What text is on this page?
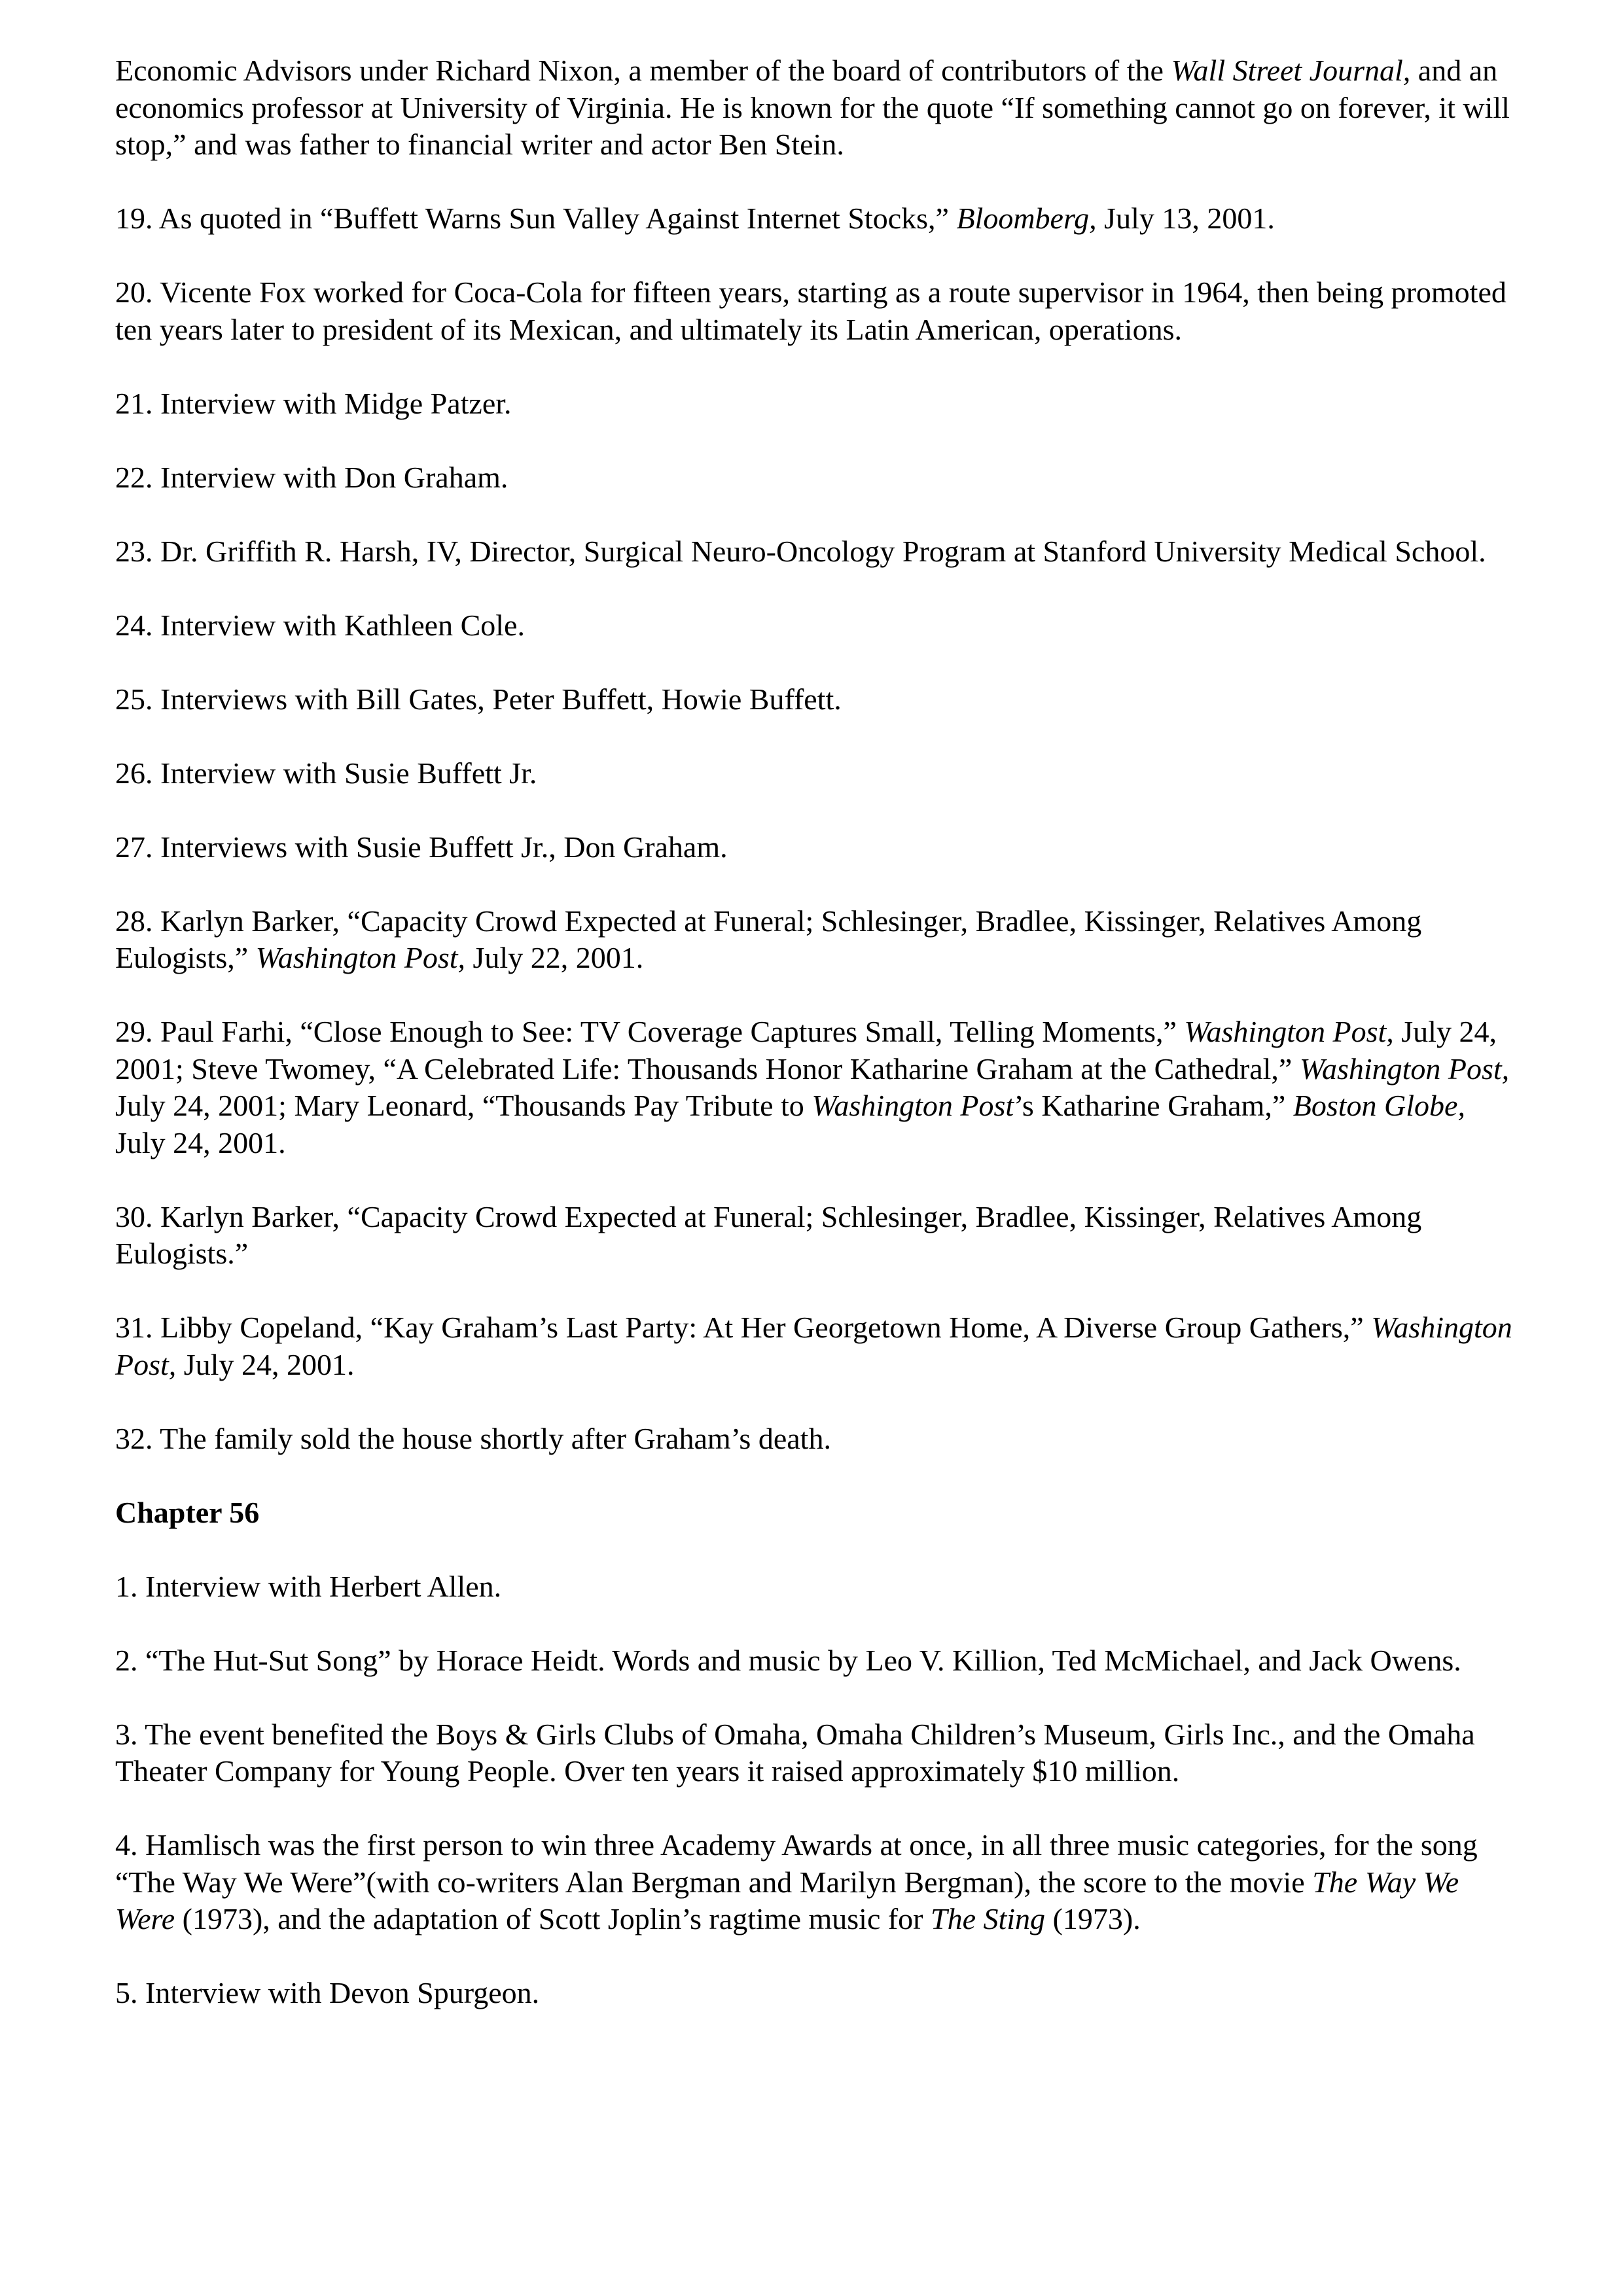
Economic Advisors under Richard Nixon, a member of the board of contributors of the Wall Street Journal, and an economics professor at University of Virginia. He is known for the quote “If something cannot go on forever, it will stop,” and was father to financial writer and actor Ben Stein.
19. As quoted in “Buffett Warns Sun Valley Against Internet Stocks,” Bloomberg, July 13, 2001.
20. Vicente Fox worked for Coca-Cola for fifteen years, starting as a route supervisor in 1964, then being promoted ten years later to president of its Mexican, and ultimately its Latin American, operations.
21. Interview with Midge Patzer.
22. Interview with Don Graham.
23. Dr. Griffith R. Harsh, IV, Director, Surgical Neuro-Oncology Program at Stanford University Medical School.
24. Interview with Kathleen Cole.
25. Interviews with Bill Gates, Peter Buffett, Howie Buffett.
26. Interview with Susie Buffett Jr.
27. Interviews with Susie Buffett Jr., Don Graham.
28. Karlyn Barker, “Capacity Crowd Expected at Funeral; Schlesinger, Bradlee, Kissinger, Relatives Among Eulogists,” Washington Post, July 22, 2001.
29. Paul Farhi, “Close Enough to See: TV Coverage Captures Small, Telling Moments,” Washington Post, July 24, 2001; Steve Twomey, “A Celebrated Life: Thousands Honor Katharine Graham at the Cathedral,” Washington Post, July 24, 2001; Mary Leonard, “Thousands Pay Tribute to Washington Post’s Katharine Graham,” Boston Globe, July 24, 2001.
30. Karlyn Barker, “Capacity Crowd Expected at Funeral; Schlesinger, Bradlee, Kissinger, Relatives Among Eulogists.”
31. Libby Copeland, “Kay Graham’s Last Party: At Her Georgetown Home, A Diverse Group Gathers,” Washington Post, July 24, 2001.
32. The family sold the house shortly after Graham’s death.
Chapter 56
1. Interview with Herbert Allen.
2. “The Hut-Sut Song” by Horace Heidt. Words and music by Leo V. Killion, Ted McMichael, and Jack Owens.
3. The event benefited the Boys & Girls Clubs of Omaha, Omaha Children’s Museum, Girls Inc., and the Omaha Theater Company for Young People. Over ten years it raised approximately $10 million.
4. Hamlisch was the first person to win three Academy Awards at once, in all three music categories, for the song “The Way We Were”(with co-writers Alan Bergman and Marilyn Bergman), the score to the movie The Way We Were (1973), and the adaptation of Scott Joplin’s ragtime music for The Sting (1973).
5. Interview with Devon Spurgeon.
